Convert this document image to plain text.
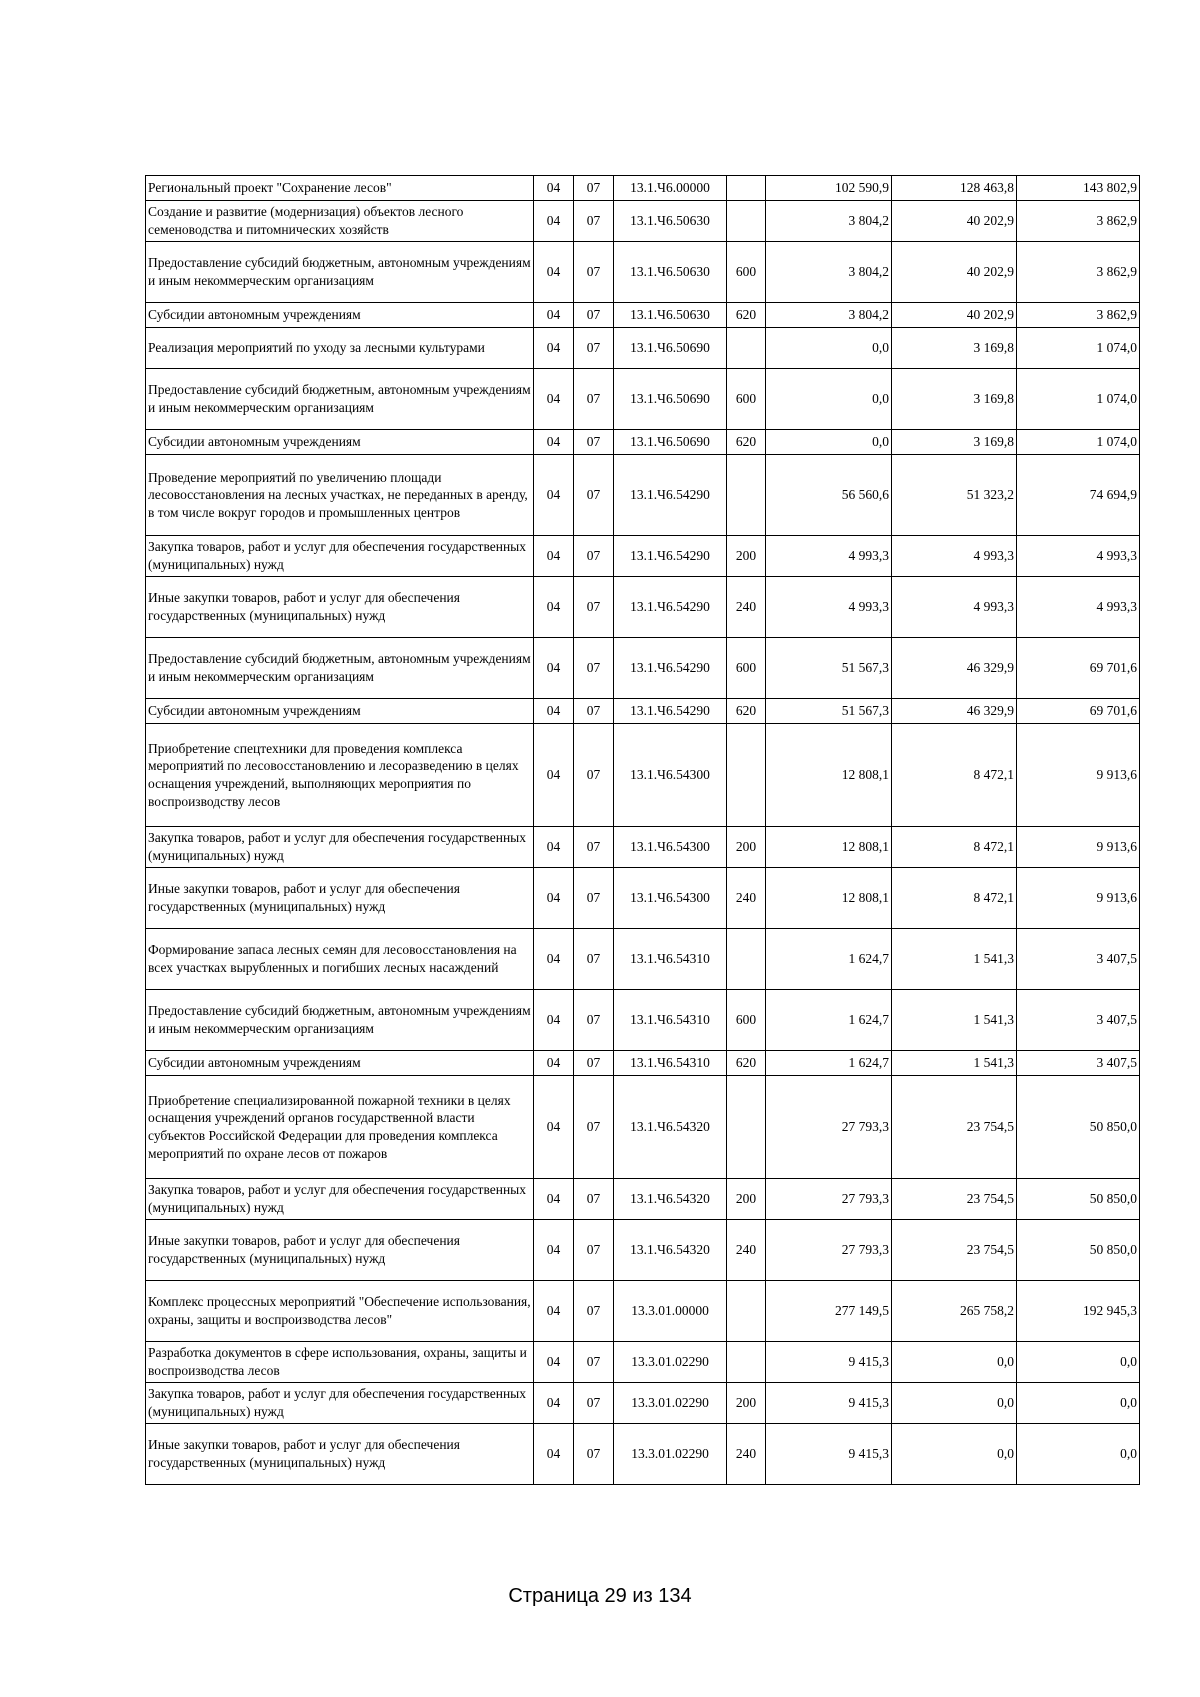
Региональный проект "Сохранение лесов"	04	07	13.1.Ч6.00000		102 590,9	128 463,8	143 802,9
Создание и развитие (модернизация) объектов лесного семеноводства и питомнических хозяйств	04	07	13.1.Ч6.50630		3 804,2	40 202,9	3 862,9
Предоставление субсидий бюджетным, автономным учреждениям и иным некоммерческим организациям	04	07	13.1.Ч6.50630	600	3 804,2	40 202,9	3 862,9
Субсидии автономным учреждениям	04	07	13.1.Ч6.50630	620	3 804,2	40 202,9	3 862,9
Реализация мероприятий по уходу за лесными культурами	04	07	13.1.Ч6.50690		0,0	3 169,8	1 074,0
Предоставление субсидий бюджетным, автономным учреждениям и иным некоммерческим организациям	04	07	13.1.Ч6.50690	600	0,0	3 169,8	1 074,0
Субсидии автономным учреждениям	04	07	13.1.Ч6.50690	620	0,0	3 169,8	1 074,0
Проведение мероприятий по увеличению площади лесовосстановления на лесных участках, не переданных в аренду, в том числе вокруг городов и промышленных центров	04	07	13.1.Ч6.54290		56 560,6	51 323,2	74 694,9
Закупка товаров, работ и услуг для обеспечения государственных (муниципальных) нужд	04	07	13.1.Ч6.54290	200	4 993,3	4 993,3	4 993,3
Иные закупки товаров, работ и услуг для обеспечения государственных (муниципальных) нужд	04	07	13.1.Ч6.54290	240	4 993,3	4 993,3	4 993,3
Предоставление субсидий бюджетным, автономным учреждениям и иным некоммерческим организациям	04	07	13.1.Ч6.54290	600	51 567,3	46 329,9	69 701,6
Субсидии автономным учреждениям	04	07	13.1.Ч6.54290	620	51 567,3	46 329,9	69 701,6
Приобретение спецтехники для проведения комплекса мероприятий по лесовосстановлению и лесоразведению в целях оснащения учреждений, выполняющих мероприятия по воспроизводству лесов	04	07	13.1.Ч6.54300		12 808,1	8 472,1	9 913,6
Закупка товаров, работ и услуг для обеспечения государственных (муниципальных) нужд	04	07	13.1.Ч6.54300	200	12 808,1	8 472,1	9 913,6
Иные закупки товаров, работ и услуг для обеспечения государственных (муниципальных) нужд	04	07	13.1.Ч6.54300	240	12 808,1	8 472,1	9 913,6
Формирование запаса лесных семян для лесовосстановления на всех участках вырубленных и погибших лесных насаждений	04	07	13.1.Ч6.54310		1 624,7	1 541,3	3 407,5
Предоставление субсидий бюджетным, автономным учреждениям и иным некоммерческим организациям	04	07	13.1.Ч6.54310	600	1 624,7	1 541,3	3 407,5
Субсидии автономным учреждениям	04	07	13.1.Ч6.54310	620	1 624,7	1 541,3	3 407,5
Приобретение специализированной пожарной техники в целях оснащения учреждений органов государственной власти субъектов Российской Федерации для проведения комплекса мероприятий по охране лесов от пожаров	04	07	13.1.Ч6.54320		27 793,3	23 754,5	50 850,0
Закупка товаров, работ и услуг для обеспечения государственных (муниципальных) нужд	04	07	13.1.Ч6.54320	200	27 793,3	23 754,5	50 850,0
Иные закупки товаров, работ и услуг для обеспечения государственных (муниципальных) нужд	04	07	13.1.Ч6.54320	240	27 793,3	23 754,5	50 850,0
Комплекс процессных мероприятий "Обеспечение использования, охраны, защиты и воспроизводства лесов"	04	07	13.3.01.00000		277 149,5	265 758,2	192 945,3
Разработка документов в сфере использования, охраны, защиты и воспроизводства лесов	04	07	13.3.01.02290		9 415,3	0,0	0,0
Закупка товаров, работ и услуг для обеспечения государственных (муниципальных) нужд	04	07	13.3.01.02290	200	9 415,3	0,0	0,0
Иные закупки товаров, работ и услуг для обеспечения государственных (муниципальных) нужд	04	07	13.3.01.02290	240	9 415,3	0,0	0,0
Страница 29 из 134
